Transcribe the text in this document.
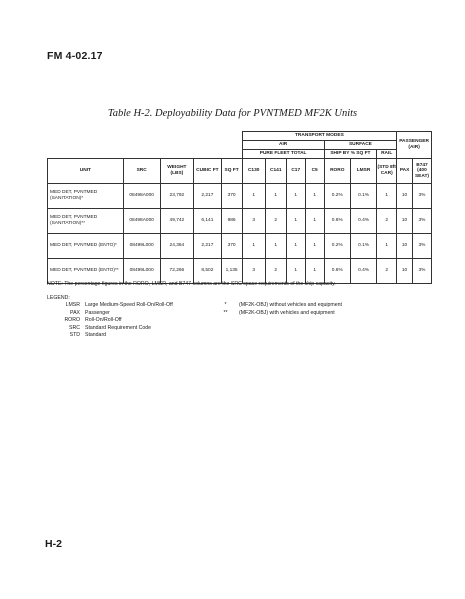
FM 4-02.17
Table H-2. Deployability Data for PVNTMED MF2K Units
					TRANSPORT MODES							PASSENGER
(AIR)	
					AIR				SURFACE				
					PURE FLEET TOTAL				SHIP BY % SQ FT		RAIL		
UNIT	SRC	WEIGHT (LBS)	CUBIC FT	SQ FT	C130	C141	C17	C5	RORO	LMSR	(STD 8ft CAR)	PAX	B747 (400 SEAT)
MED DET, PVNTMED (SANITATION)*	08498A000	23,792	2,217	370	1	1	1	1	0.2%	0.1%	1	10	3%
MED DET, PVNTMED (SANITATION)**	08498A000	49,742	6,141	986	3	2	1	1	0.6%	0.4%	2	10	3%
MED DET, PVNTMED (ENTO)*	08499L000	24,364	2,217	370	1	1	1	1	0.2%	0.1%	1	10	3%
MED DET, PVNTMED (ENTO)**	08499L000	72,266	8,502	1,135	3	2	1	1	0.6%	0.4%	2	10	3%
NOTE: The percentage figures in the RORO, LMSR, and B747 columns are the SRC space requirements of the ship capacity.
LEGEND:
LMSR Large Medium-Speed Roll-On/Roll-Off
PAX Passenger
RORO Roll-On/Roll-Off
SRC Standard Requirement Code
STD Standard
*	(MF2K-OBJ) without vehicles and equipment
**	(MF2K-OBJ) with vehicles and equipment
H-2
